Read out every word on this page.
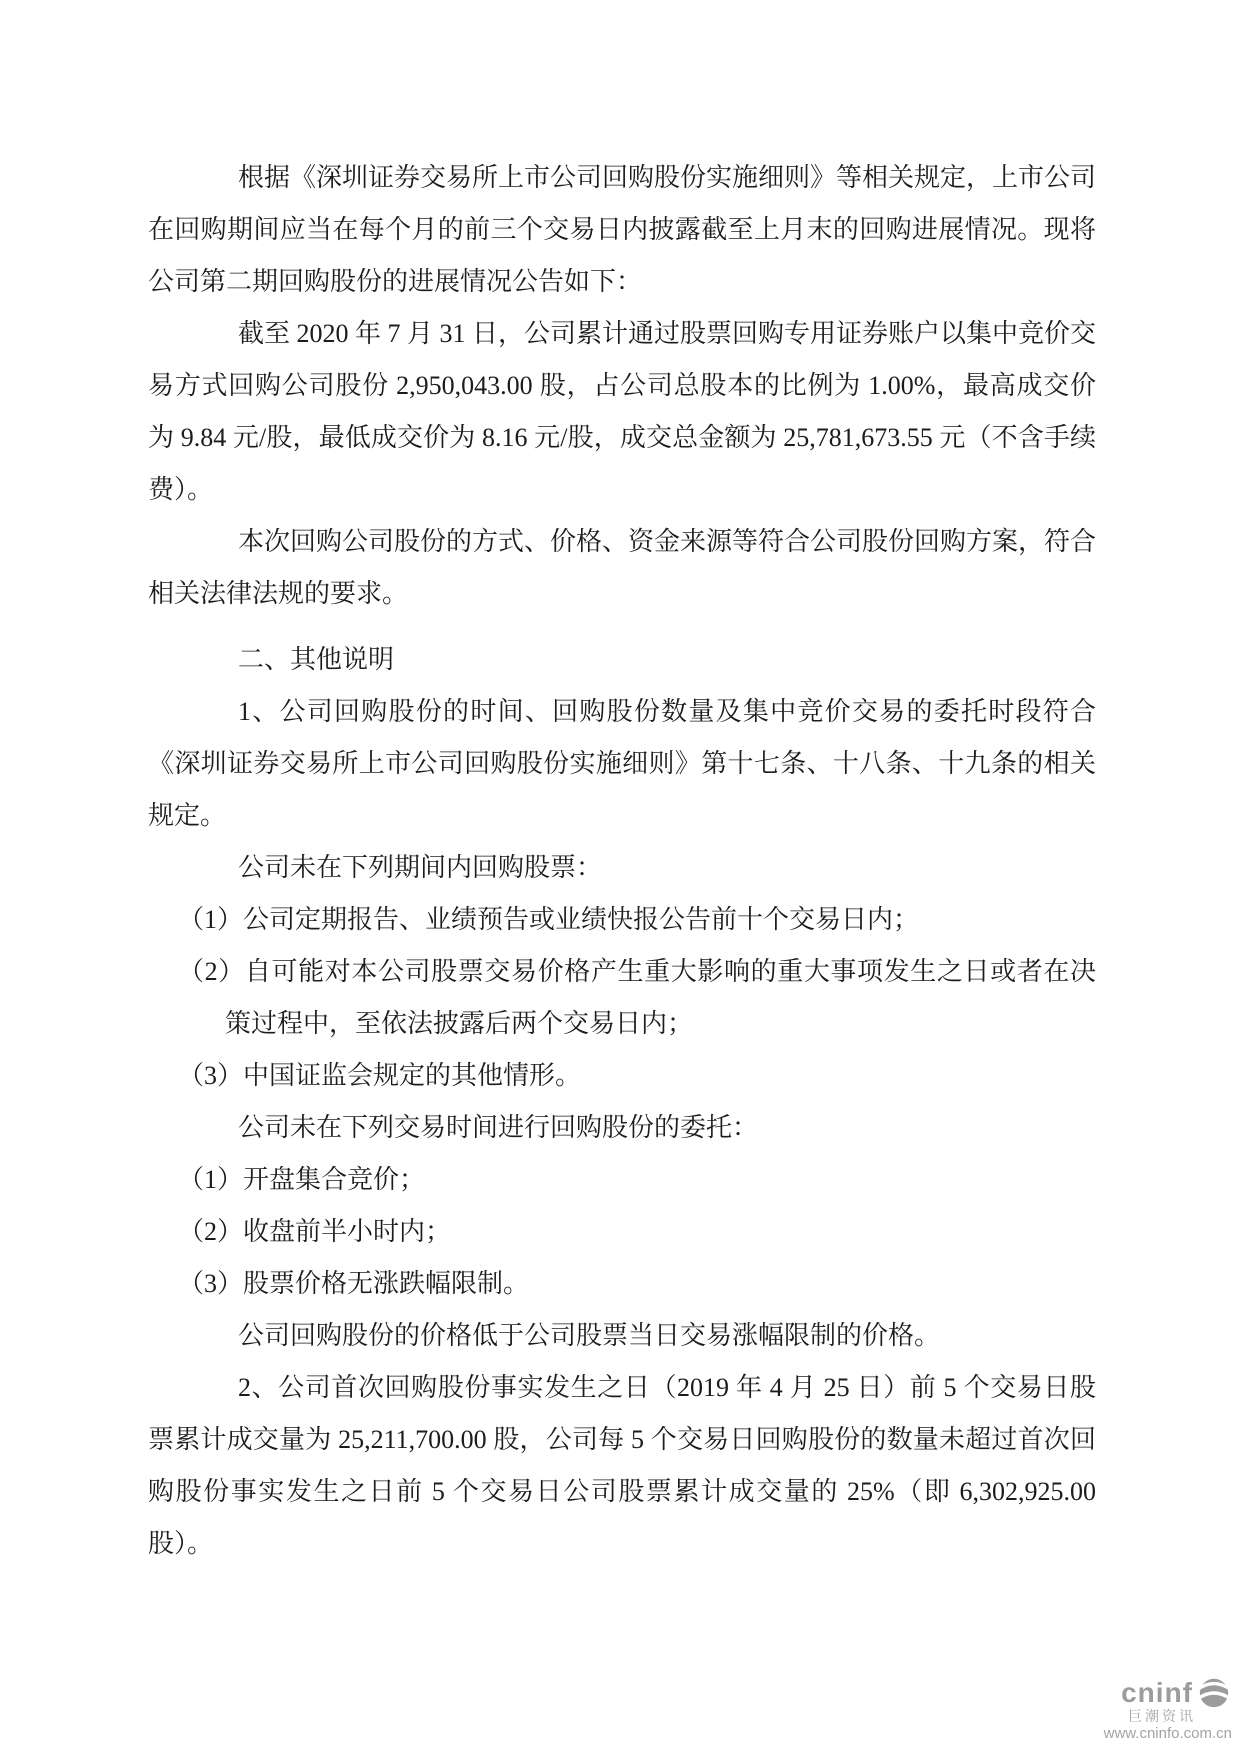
根据《深圳证券交易所上市公司回购股份实施细则》等相关规定，上市公司在回购期间应当在每个月的前三个交易日内披露截至上月末的回购进展情况。现将公司第二期回购股份的进展情况公告如下：

截至 2020 年 7 月 31 日，公司累计通过股票回购专用证券账户以集中竞价交易方式回购公司股份 2,950,043.00 股，占公司总股本的比例为 1.00%，最高成交价为 9.84 元/股，最低成交价为 8.16 元/股，成交总金额为 25,781,673.55 元（不含手续费）。

本次回购公司股份的方式、价格、资金来源等符合公司股份回购方案，符合相关法律法规的要求。

二、其他说明

1、公司回购股份的时间、回购股份数量及集中竞价交易的委托时段符合《深圳证券交易所上市公司回购股份实施细则》第十七条、十八条、十九条的相关规定。

公司未在下列期间内回购股票：

（1）公司定期报告、业绩预告或业绩快报公告前十个交易日内；

（2）自可能对本公司股票交易价格产生重大影响的重大事项发生之日或者在决策过程中，至依法披露后两个交易日内；

（3）中国证监会规定的其他情形。

公司未在下列交易时间进行回购股份的委托：

（1）开盘集合竞价；

（2）收盘前半小时内；

（3）股票价格无涨跌幅限制。

公司回购股份的价格低于公司股票当日交易涨幅限制的价格。

2、公司首次回购股份事实发生之日（2019 年 4 月 25 日）前 5 个交易日股票累计成交量为 25,211,700.00 股，公司每 5 个交易日回购股份的数量未超过首次回购股份事实发生之日前 5 个交易日公司股票累计成交量的 25%（即 6,302,925.00 股）。

cninf
巨潮资讯
www.cninfo.com.cn
